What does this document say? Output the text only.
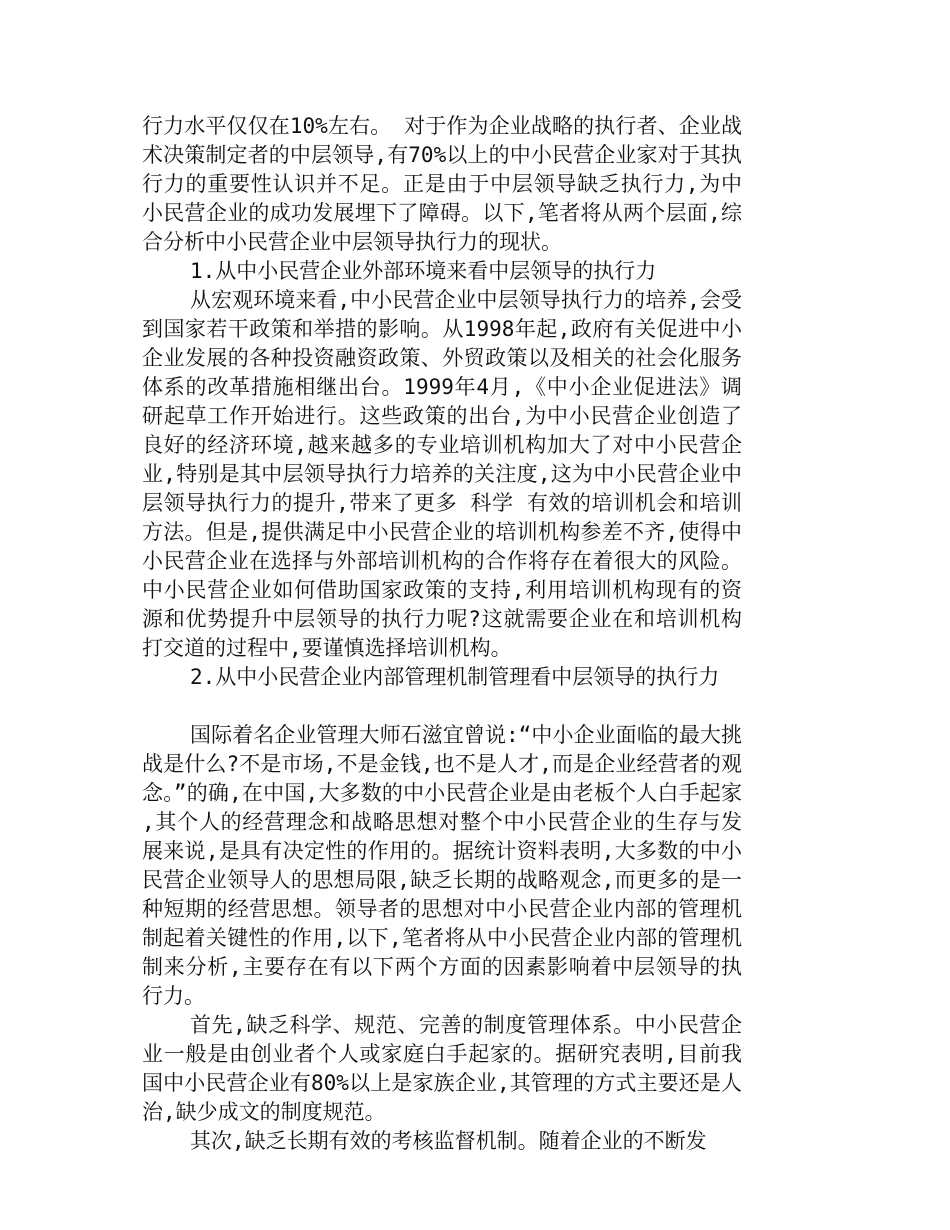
行力水平仅仅在10%左右。 对于作为企业战略的执行者、企业战术决策制定者的中层领导,有70%以上的中小民营企业家对于其执行力的重要性认识并不足。正是由于中层领导缺乏执行力,为中小民营企业的成功发展埋下了障碍。以下,笔者将从两个层面,综合分析中小民营企业中层领导执行力的现状。

1.从中小民营企业外部环境来看中层领导的执行力

从宏观环境来看,中小民营企业中层领导执行力的培养,会受到国家若干政策和举措的影响。从1998年起,政府有关促进中小企业发展的各种投资融资政策、外贸政策以及相关的社会化服务体系的改革措施相继出台。1999年4月,《中小企业促进法》调研起草工作开始进行。这些政策的出台,为中小民营企业创造了良好的经济环境,越来越多的专业培训机构加大了对中小民营企业,特别是其中层领导执行力培养的关注度,这为中小民营企业中层领导执行力的提升,带来了更多 科学 有效的培训机会和培训方法。但是,提供满足中小民营企业的培训机构参差不齐,使得中小民营企业在选择与外部培训机构的合作将存在着很大的风险。中小民营企业如何借助国家政策的支持,利用培训机构现有的资源和优势提升中层领导的执行力呢?这就需要企业在和培训机构打交道的过程中,要谨慎选择培训机构。

2.从中小民营企业内部管理机制管理看中层领导的执行力

国际着名企业管理大师石滋宜曾说:“中小企业面临的最大挑战是什么?不是市场,不是金钱,也不是人才,而是企业经营者的观念。”的确,在中国,大多数的中小民营企业是由老板个人白手起家,其个人的经营理念和战略思想对整个中小民营企业的生存与发展来说,是具有决定性的作用的。据统计资料表明,大多数的中小民营企业领导人的思想局限,缺乏长期的战略观念,而更多的是一种短期的经营思想。领导者的思想对中小民营企业内部的管理机制起着关键性的作用,以下,笔者将从中小民营企业内部的管理机制来分析,主要存在有以下两个方面的因素影响着中层领导的执行力。

首先,缺乏科学、规范、完善的制度管理体系。中小民营企业一般是由创业者个人或家庭白手起家的。据研究表明,目前我国中小民营企业有80%以上是家族企业,其管理的方式主要还是人治,缺少成文的制度规范。

其次,缺乏长期有效的考核监督机制。随着企业的不断发
